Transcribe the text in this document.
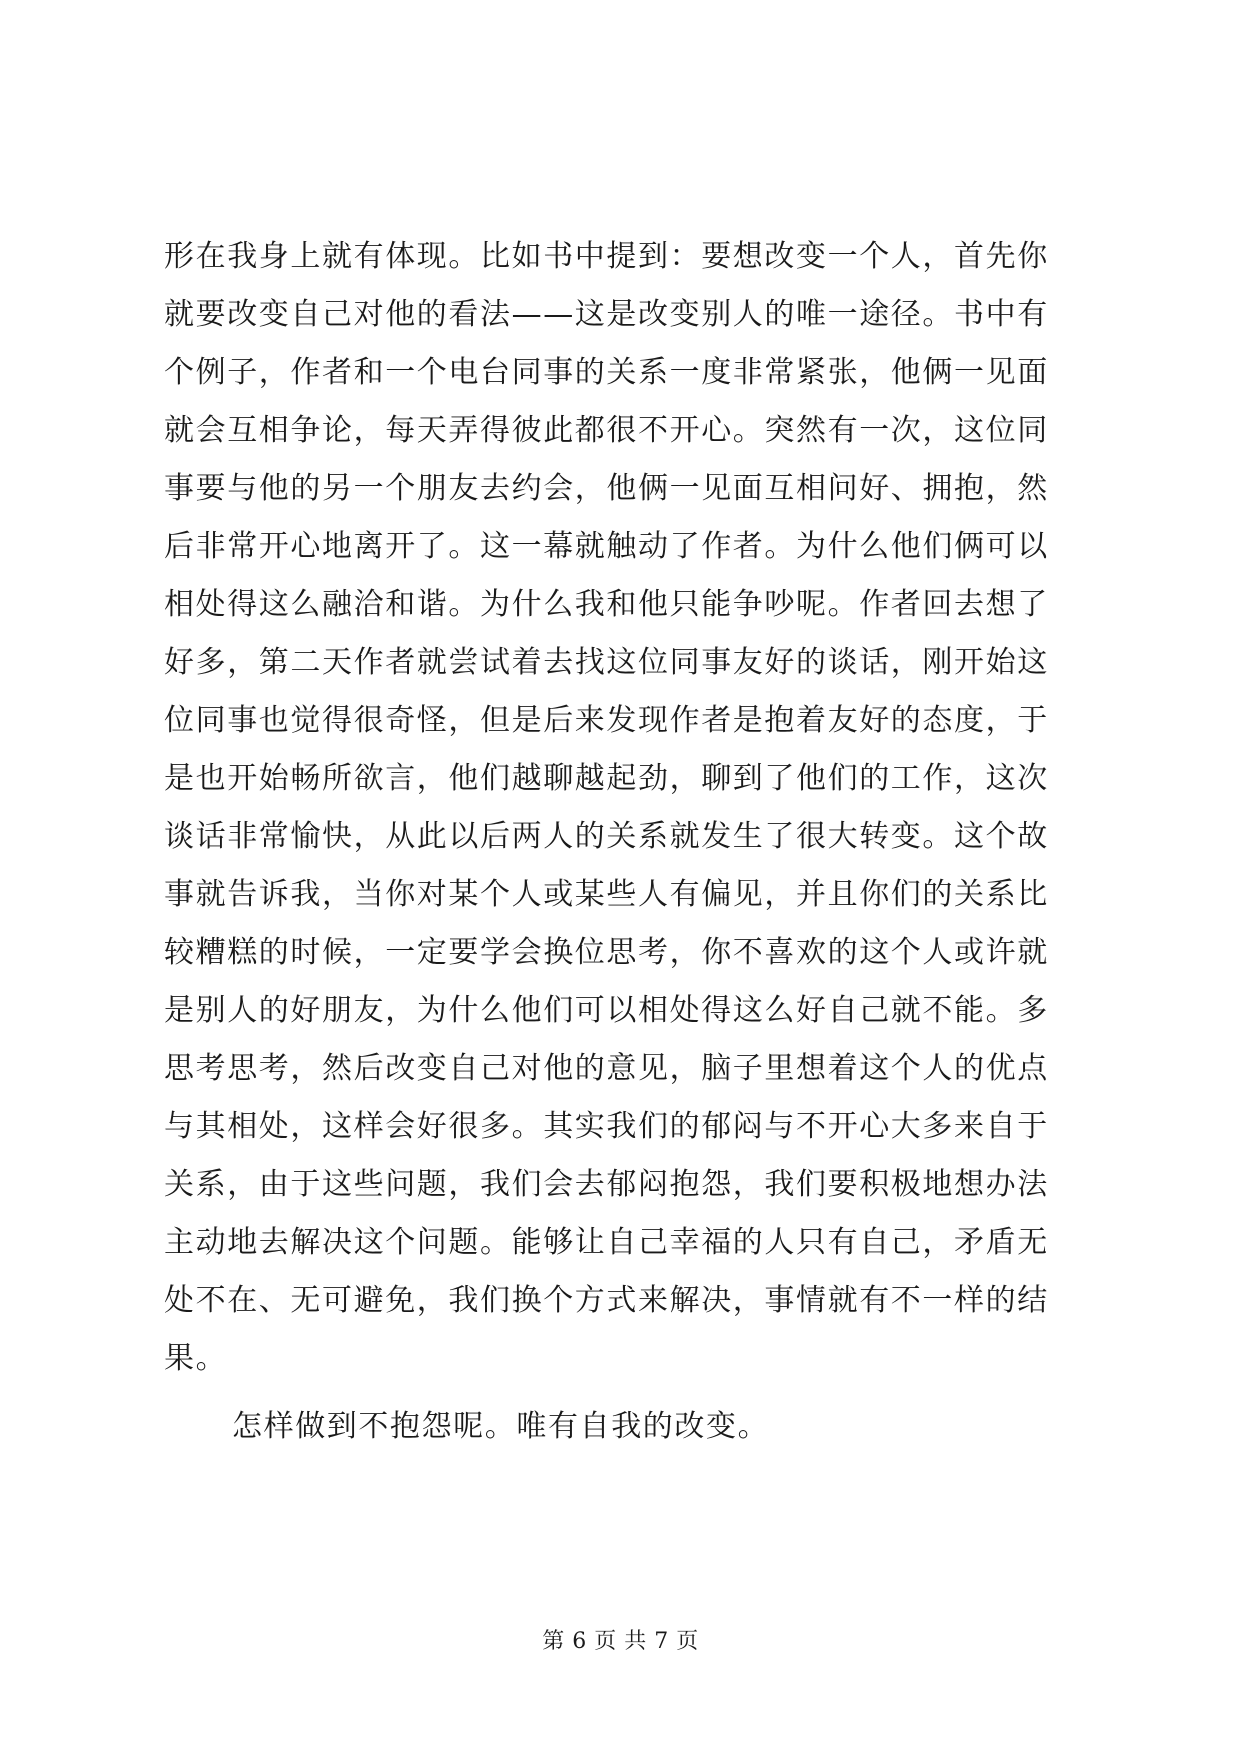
形在我身上就有体现。比如书中提到：要想改变一个人，首先你
就要改变自己对他的看法——这是改变别人的唯一途径。书中有
个例子，作者和一个电台同事的关系一度非常紧张，他俩一见面
就会互相争论，每天弄得彼此都很不开心。突然有一次，这位同
事要与他的另一个朋友去约会，他俩一见面互相问好、拥抱，然
后非常开心地离开了。这一幕就触动了作者。为什么他们俩可以
相处得这么融洽和谐。为什么我和他只能争吵呢。作者回去想了
好多，第二天作者就尝试着去找这位同事友好的谈话，刚开始这
位同事也觉得很奇怪，但是后来发现作者是抱着友好的态度，于
是也开始畅所欲言，他们越聊越起劲，聊到了他们的工作，这次
谈话非常愉快，从此以后两人的关系就发生了很大转变。这个故
事就告诉我，当你对某个人或某些人有偏见，并且你们的关系比
较糟糕的时候，一定要学会换位思考，你不喜欢的这个人或许就
是别人的好朋友，为什么他们可以相处得这么好自己就不能。多
思考思考，然后改变自己对他的意见，脑子里想着这个人的优点
与其相处，这样会好很多。其实我们的郁闷与不开心大多来自于
关系，由于这些问题，我们会去郁闷抱怨，我们要积极地想办法
主动地去解决这个问题。能够让自己幸福的人只有自己，矛盾无
处不在、无可避免，我们换个方式来解决，事情就有不一样的结
果。
怎样做到不抱怨呢。唯有自我的改变。
第 6 页 共 7 页
